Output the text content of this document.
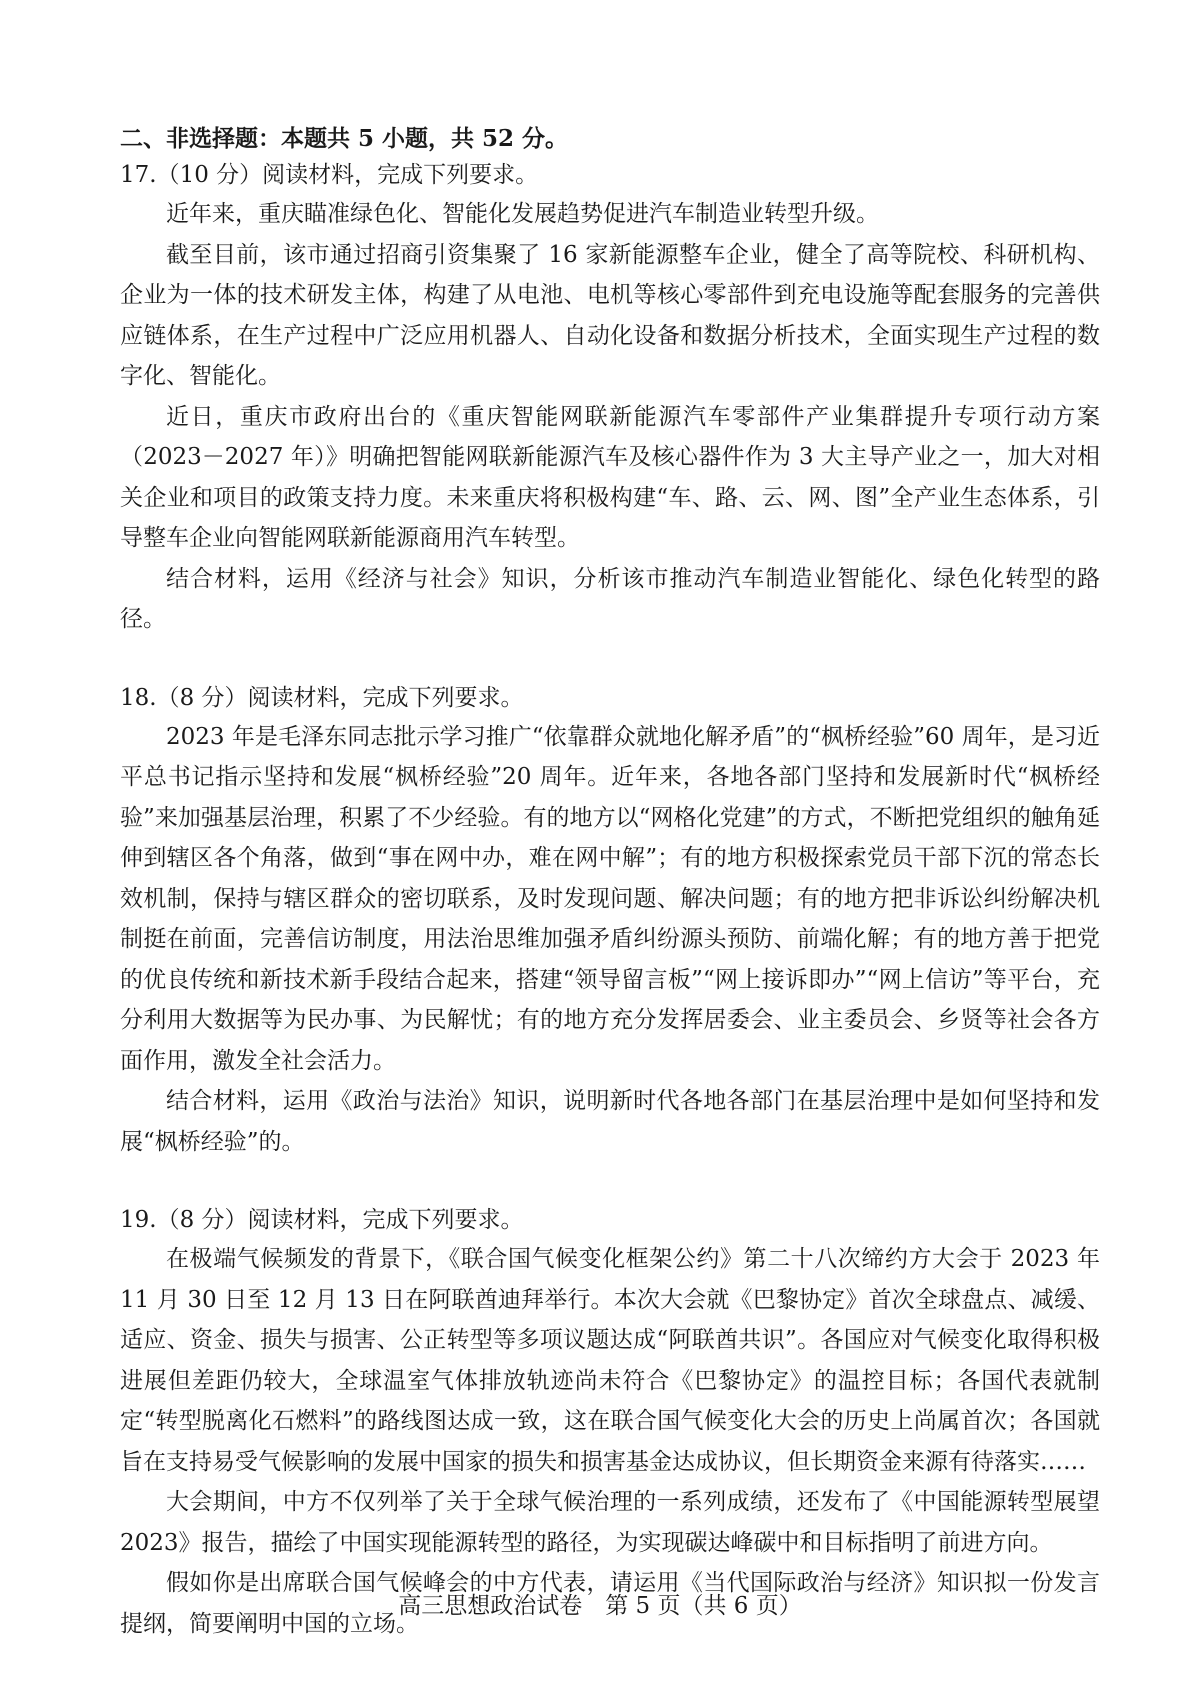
二、非选择题：本题共 5 小题，共 52 分。

17.（10 分）阅读材料，完成下列要求。

近年来，重庆瞄准绿色化、智能化发展趋势促进汽车制造业转型升级。

截至目前，该市通过招商引资集聚了 16 家新能源整车企业，健全了高等院校、科研机构、企业为一体的技术研发主体，构建了从电池、电机等核心零部件到充电设施等配套服务的完善供应链体系，在生产过程中广泛应用机器人、自动化设备和数据分析技术，全面实现生产过程的数字化、智能化。

近日，重庆市政府出台的《重庆智能网联新能源汽车零部件产业集群提升专项行动方案（2023－2027 年）》明确把智能网联新能源汽车及核心器件作为 3 大主导产业之一，加大对相关企业和项目的政策支持力度。未来重庆将积极构建“车、路、云、网、图”全产业生态体系，引导整车企业向智能网联新能源商用汽车转型。

结合材料，运用《经济与社会》知识，分析该市推动汽车制造业智能化、绿色化转型的路径。

18.（8 分）阅读材料，完成下列要求。

2023 年是毛泽东同志批示学习推广“依靠群众就地化解矛盾”的“枫桥经验”60 周年，是习近平总书记指示坚持和发展“枫桥经验”20 周年。近年来，各地各部门坚持和发展新时代“枫桥经验”来加强基层治理，积累了不少经验。有的地方以“网格化党建”的方式，不断把党组织的触角延伸到辖区各个角落，做到“事在网中办，难在网中解”；有的地方积极探索党员干部下沉的常态长效机制，保持与辖区群众的密切联系，及时发现问题、解决问题；有的地方把非诉讼纠纷解决机制挺在前面，完善信访制度，用法治思维加强矛盾纠纷源头预防、前端化解；有的地方善于把党的优良传统和新技术新手段结合起来，搭建“领导留言板”“网上接诉即办”“网上信访”等平台，充分利用大数据等为民办事、为民解忧；有的地方充分发挥居委会、业主委员会、乡贤等社会各方面作用，激发全社会活力。

结合材料，运用《政治与法治》知识，说明新时代各地各部门在基层治理中是如何坚持和发展“枫桥经验”的。

19.（8 分）阅读材料，完成下列要求。

在极端气候频发的背景下，《联合国气候变化框架公约》第二十八次缔约方大会于 2023 年 11 月 30 日至 12 月 13 日在阿联酋迪拜举行。本次大会就《巴黎协定》首次全球盘点、减缓、适应、资金、损失与损害、公正转型等多项议题达成“阿联酋共识”。各国应对气候变化取得积极进展但差距仍较大，全球温室气体排放轨迹尚未符合《巴黎协定》的温控目标；各国代表就制定“转型脱离化石燃料”的路线图达成一致，这在联合国气候变化大会的历史上尚属首次；各国就旨在支持易受气候影响的发展中国家的损失和损害基金达成协议，但长期资金来源有待落实……

大会期间，中方不仅列举了关于全球气候治理的一系列成绩，还发布了《中国能源转型展望 2023》报告，描绘了中国实现能源转型的路径，为实现碳达峰碳中和目标指明了前进方向。

假如你是出席联合国气候峰会的中方代表，请运用《当代国际政治与经济》知识拟一份发言提纲，简要阐明中国的立场。

高三思想政治试卷　第 5 页（共 6 页）
